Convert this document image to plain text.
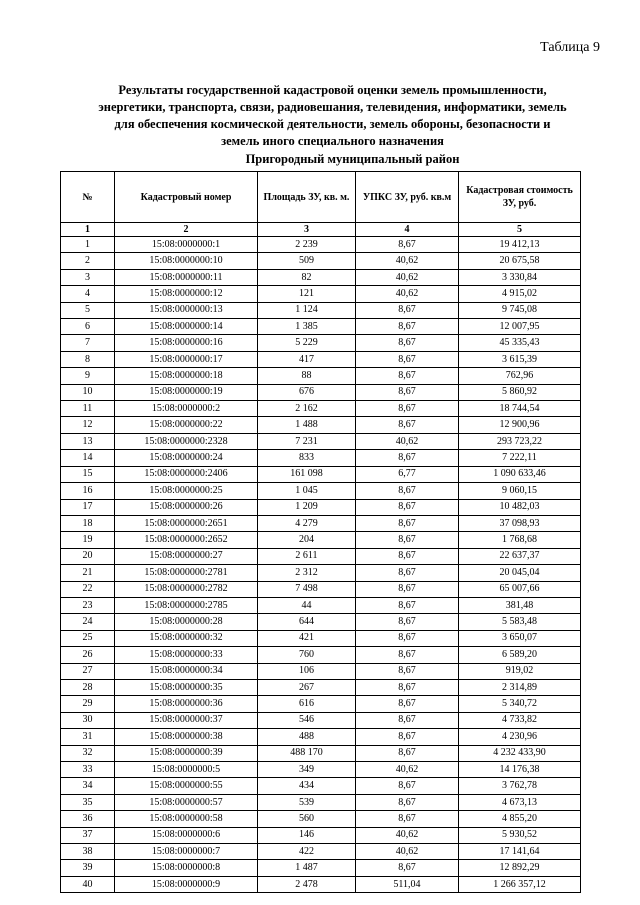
Таблица 9
Результаты государственной кадастровой оценки земель промышленности,
энергетики, транспорта, связи, радиовешания, телевидения, информатики, земель
для обеспечения космической деятельности, земель обороны, безопасности и
земель иного специального назначения
Пригородный муниципальный район
№	Кадастровый номер	Площадь ЗУ, кв. м.	УПКС ЗУ, руб. кв.м	Кадастровая стоимость ЗУ, руб.
1	2	3	4	5
1	15:08:0000000:1	2 239	8,67	19 412,13
2	15:08:0000000:10	509	40,62	20 675,58
3	15:08:0000000:11	82	40,62	3 330,84
4	15:08:0000000:12	121	40,62	4 915,02
5	15:08:0000000:13	1 124	8,67	9 745,08
6	15:08:0000000:14	1 385	8,67	12 007,95
7	15:08:0000000:16	5 229	8,67	45 335,43
8	15:08:0000000:17	417	8,67	3 615,39
9	15:08:0000000:18	88	8,67	762,96
10	15:08:0000000:19	676	8,67	5 860,92
11	15:08:0000000:2	2 162	8,67	18 744,54
12	15:08:0000000:22	1 488	8,67	12 900,96
13	15:08:0000000:2328	7 231	40,62	293 723,22
14	15:08:0000000:24	833	8,67	7 222,11
15	15:08:0000000:2406	161 098	6,77	1 090 633,46
16	15:08:0000000:25	1 045	8,67	9 060,15
17	15:08:0000000:26	1 209	8,67	10 482,03
18	15:08:0000000:2651	4 279	8,67	37 098,93
19	15:08:0000000:2652	204	8,67	1 768,68
20	15:08:0000000:27	2 611	8,67	22 637,37
21	15:08:0000000:2781	2 312	8,67	20 045,04
22	15:08:0000000:2782	7 498	8,67	65 007,66
23	15:08:0000000:2785	44	8,67	381,48
24	15:08:0000000:28	644	8,67	5 583,48
25	15:08:0000000:32	421	8,67	3 650,07
26	15:08:0000000:33	760	8,67	6 589,20
27	15:08:0000000:34	106	8,67	919,02
28	15:08:0000000:35	267	8,67	2 314,89
29	15:08:0000000:36	616	8,67	5 340,72
30	15:08:0000000:37	546	8,67	4 733,82
31	15:08:0000000:38	488	8,67	4 230,96
32	15:08:0000000:39	488 170	8,67	4 232 433,90
33	15:08:0000000:5	349	40,62	14 176,38
34	15:08:0000000:55	434	8,67	3 762,78
35	15:08:0000000:57	539	8,67	4 673,13
36	15:08:0000000:58	560	8,67	4 855,20
37	15:08:0000000:6	146	40,62	5 930,52
38	15:08:0000000:7	422	40,62	17 141,64
39	15:08:0000000:8	1 487	8,67	12 892,29
40	15:08:0000000:9	2 478	511,04	1 266 357,12
